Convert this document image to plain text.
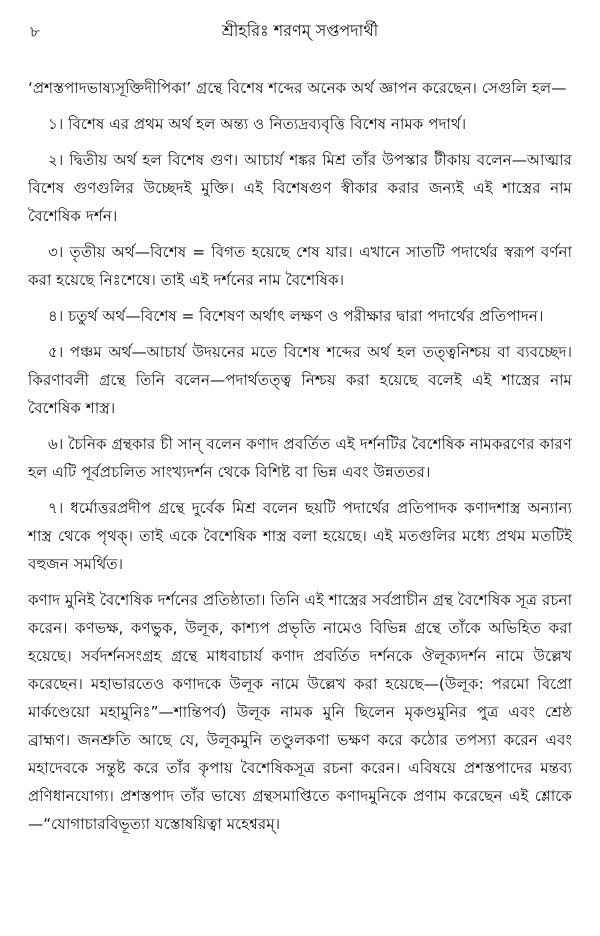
৮	শ্রীহরিঃ শরণম্‌ সপ্তপদার্থী

‘প্রশস্তপাদভাষ্যসূক্তিদীপিকা’ গ্রন্থে বিশেষ শব্দের অনেক অর্থ জ্ঞাপন করেছেন। সেগুলি হল—

১। বিশেষ এর প্রথম অর্থ হল অন্ত্য ও নিত্যদ্রব্যবৃত্তি বিশেষ নামক পদার্থ।

২। দ্বিতীয় অর্থ হল বিশেষ গুণ। আচার্য শঙ্কর মিশ্র তাঁর উপস্কার টীকায় বলেন—আত্মার বিশেষ গুণগুলির উচ্ছেদই মুক্তি। এই বিশেষগুণ স্বীকার করার জন্যই এই শাস্ত্রের নাম বৈশেষিক দর্শন।

৩। তৃতীয় অর্থ—বিশেষ = বিগত হয়েছে শেষ যার। এখানে সাতটি পদার্থের স্বরূপ বর্ণনা করা হয়েছে নিঃশেষে। তাই এই দর্শনের নাম বৈশেষিক।

৪। চতুর্থ অর্থ—বিশেষ = বিশেষণ অর্থাৎ লক্ষণ ও পরীক্ষার দ্বারা পদার্থের প্রতিপাদন।

৫। পঞ্চম অর্থ—আচার্য উদয়নের মতে বিশেষ শব্দের অর্থ হল তত্ত্বনিশ্চয় বা ব্যবচ্ছেদ। কিরণাবলী গ্রন্থে তিনি বলেন—পদার্থতত্ত্ব নিশ্চয় করা হয়েছে বলেই এই শাস্ত্রের নাম বৈশেষিক শাস্ত্র।

৬। চৈনিক গ্রন্থকার চী সান্‌ বলেন কণাদ প্রবর্তিত এই দর্শনটির বৈশেষিক নামকরণের কারণ হল এটি পূর্বপ্রচলিত সাংখ্যদর্শন থেকে বিশিষ্ট বা ভিন্ন এবং উন্নততর।

৭। ধর্মোত্তরপ্রদীপ গ্রন্থে দুর্বেক মিশ্র বলেন ছয়টি পদার্থের প্রতিপাদক কণাদশাস্ত্র অন্যান্য শাস্ত্র থেকে পৃথক্‌। তাই একে বৈশেষিক শাস্ত্র বলা হয়েছে। এই মতগুলির মধ্যে প্রথম মতটিই বহুজন সমর্থিত।

কণাদ মুনিই বৈশেষিক দর্শনের প্রতিষ্ঠাতা। তিনি এই শাস্ত্রের সর্বপ্রাচীন গ্রন্থ বৈশেষিক সূত্র রচনা করেন। কণভক্ষ, কণভুক, উলূক, কাশ্যপ প্রভৃতি নামেও বিভিন্ন গ্রন্থে তাঁকে অভিহিত করা হয়েছে। সর্বদর্শনসংগ্রহ গ্রন্থে মাধবাচার্য কণাদ প্রবর্তিত দর্শনকে ঔলূক্যদর্শন নামে উল্লেখ করেছেন। মহাভারতেও কণাদকে উলূক নামে উল্লেখ করা হয়েছে—(উলূক: পরমো বিপ্রো মার্কণ্ডেয়ো মহামুনিঃ”—শান্তিপর্ব) উলূক নামক মুনি ছিলেন মৃকণ্ডমুনির পুত্র এবং শ্রেষ্ঠ ব্রাহ্মণ। জনশ্রুতি আছে যে, উলূকমুনি তণ্ডুলকণা ভক্ষণ করে কঠোর তপস্যা করেন এবং মহাদেবকে সন্তুষ্ট করে তাঁর কৃপায় বৈশেষিকসূত্র রচনা করেন। এবিষয়ে প্রশস্তপাদের মন্তব্য প্রণিধানযোগ্য। প্রশস্তপাদ তাঁর ভাষ্যে গ্রন্থসমাপ্তিতে কণাদমুনিকে প্রণাম করেছেন এই শ্লোকে—“যোগাচারবিভূত্যা যস্তোষয়িত্বা মহেশ্বরম্‌।
